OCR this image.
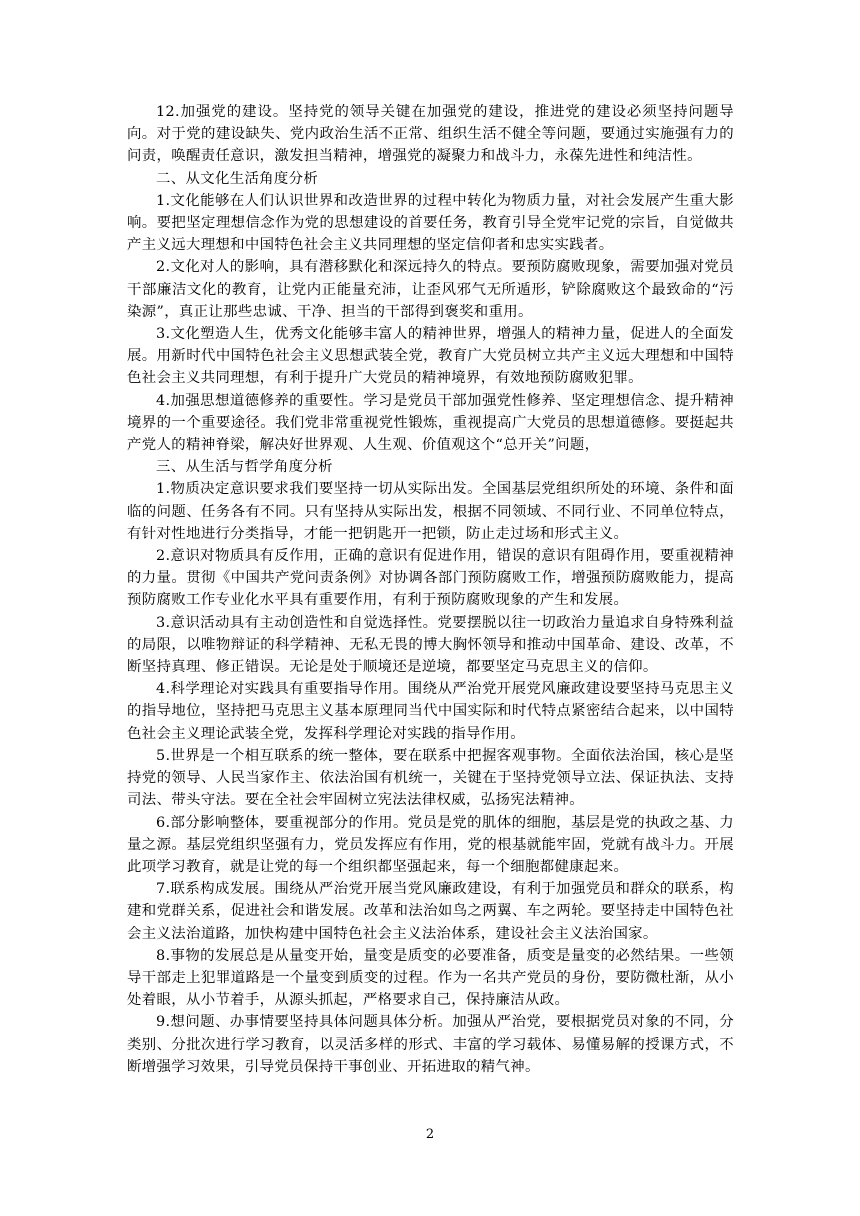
12.加强党的建设。坚持党的领导关键在加强党的建设，推进党的建设必须坚持问题导向。对于党的建设缺失、党内政治生活不正常、组织生活不健全等问题，要通过实施强有力的问责，唤醒责任意识，激发担当精神，增强党的凝聚力和战斗力，永葆先进性和纯洁性。

二、从文化生活角度分析

1.文化能够在人们认识世界和改造世界的过程中转化为物质力量，对社会发展产生重大影响。要把坚定理想信念作为党的思想建设的首要任务，教育引导全党牢记党的宗旨，自觉做共产主义远大理想和中国特色社会主义共同理想的坚定信仰者和忠实实践者。

2.文化对人的影响，具有潜移默化和深远持久的特点。要预防腐败现象，需要加强对党员干部廉洁文化的教育，让党内正能量充沛，让歪风邪气无所遁形，铲除腐败这个最致命的“污染源”，真正让那些忠诚、干净、担当的干部得到褒奖和重用。

3.文化塑造人生，优秀文化能够丰富人的精神世界，增强人的精神力量，促进人的全面发展。用新时代中国特色社会主义思想武装全党，教育广大党员树立共产主义远大理想和中国特色社会主义共同理想，有利于提升广大党员的精神境界，有效地预防腐败犯罪。

4.加强思想道德修养的重要性。学习是党员干部加强党性修养、坚定理想信念、提升精神境界的一个重要途径。我们党非常重视党性锻炼，重视提高广大党员的思想道德修。要挺起共产党人的精神脊梁，解决好世界观、人生观、价值观这个“总开关”问题，

三、从生活与哲学角度分析

1.物质决定意识要求我们要坚持一切从实际出发。全国基层党组织所处的环境、条件和面临的问题、任务各有不同。只有坚持从实际出发，根据不同领域、不同行业、不同单位特点，有针对性地进行分类指导，才能一把钥匙开一把锁，防止走过场和形式主义。

2.意识对物质具有反作用，正确的意识有促进作用，错误的意识有阻碍作用，要重视精神的力量。贯彻《中国共产党问责条例》对协调各部门预防腐败工作，增强预防腐败能力，提高预防腐败工作专业化水平具有重要作用，有利于预防腐败现象的产生和发展。

3.意识活动具有主动创造性和自觉选择性。党要摆脱以往一切政治力量追求自身特殊利益的局限，以唯物辩证的科学精神、无私无畏的博大胸怀领导和推动中国革命、建设、改革，不断坚持真理、修正错误。无论是处于顺境还是逆境，都要坚定马克思主义的信仰。

4.科学理论对实践具有重要指导作用。围绕从严治党开展党风廉政建设要坚持马克思主义的指导地位，坚持把马克思主义基本原理同当代中国实际和时代特点紧密结合起来，以中国特色社会主义理论武装全党，发挥科学理论对实践的指导作用。

5.世界是一个相互联系的统一整体，要在联系中把握客观事物。全面依法治国，核心是坚持党的领导、人民当家作主、依法治国有机统一，关键在于坚持党领导立法、保证执法、支持司法、带头守法。要在全社会牢固树立宪法法律权威，弘扬宪法精神。

6.部分影响整体，要重视部分的作用。党员是党的肌体的细胞，基层是党的执政之基、力量之源。基层党组织坚强有力，党员发挥应有作用，党的根基就能牢固，党就有战斗力。开展此项学习教育，就是让党的每一个组织都坚强起来，每一个细胞都健康起来。

7.联系构成发展。围绕从严治党开展当党风廉政建设，有利于加强党员和群众的联系，构建和党群关系，促进社会和谐发展。改革和法治如鸟之两翼、车之两轮。要坚持走中国特色社会主义法治道路，加快构建中国特色社会主义法治体系，建设社会主义法治国家。

8.事物的发展总是从量变开始，量变是质变的必要准备，质变是量变的必然结果。一些领导干部走上犯罪道路是一个量变到质变的过程。作为一名共产党员的身份，要防微杜渐，从小处着眼，从小节着手，从源头抓起，严格要求自己，保持廉洁从政。

9.想问题、办事情要坚持具体问题具体分析。加强从严治党，要根据党员对象的不同，分类别、分批次进行学习教育，以灵活多样的形式、丰富的学习载体、易懂易解的授课方式，不断增强学习效果，引导党员保持干事创业、开拓进取的精气神。

2
